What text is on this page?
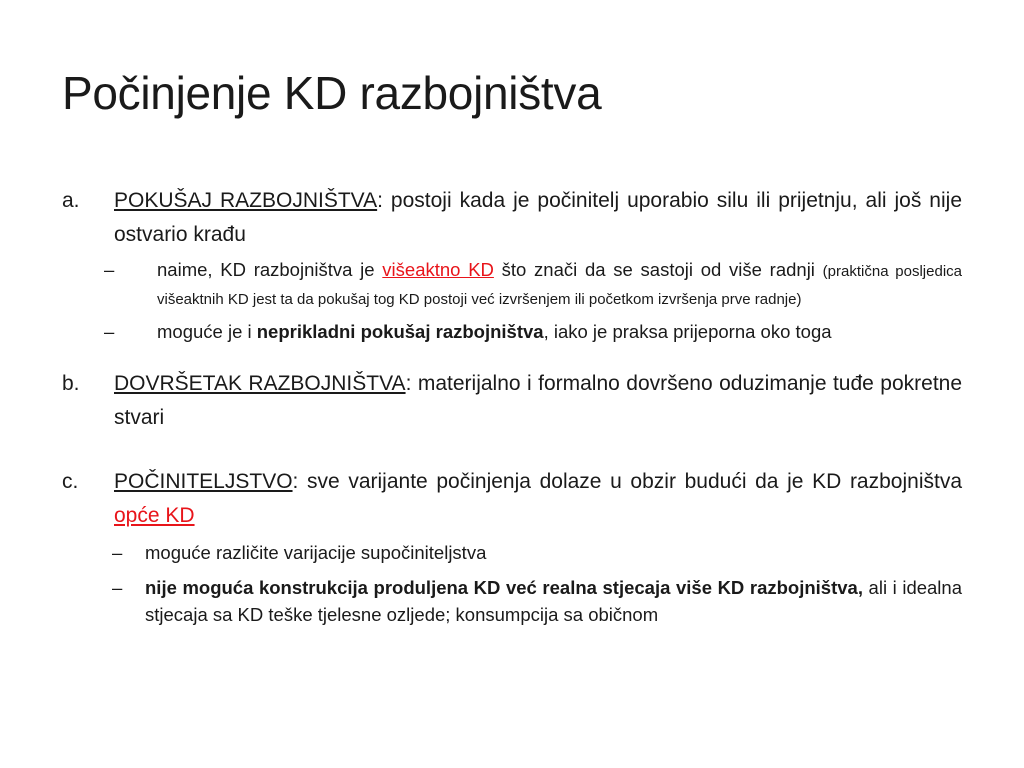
Počinjenje KD razbojništva
a. POKUŠAJ RAZBOJNIŠTVA: postoji kada je počinitelj uporabio silu ili prijetnju, ali još nije ostvario krađu
– naime, KD razbojništva je višeaktno KD što znači da se sastoji od više radnji (praktična posljedica višeaktnih KD jest ta da pokušaj tog KD postoji već izvršenjem ili početkom izvršenja prve radnje)
– moguće je i neprikladni pokušaj razbojništva, iako je praksa prijeporna oko toga
b. DOVRŠETAK RAZBOJNIŠTVA: materijalno i formalno dovršeno oduzimanje tuđe pokretne stvari
c. POČINITELJSTVO: sve varijante počinjenja dolaze u obzir budući da je KD razbojništva opće KD
– moguće različite varijacije supočiniteljstva
– nije moguća konstrukcija produljena KD već realna stjecaja više KD razbojništva, ali i idealna stjecaja sa KD teške tjelesne ozljede; konsumpcija sa običnom
